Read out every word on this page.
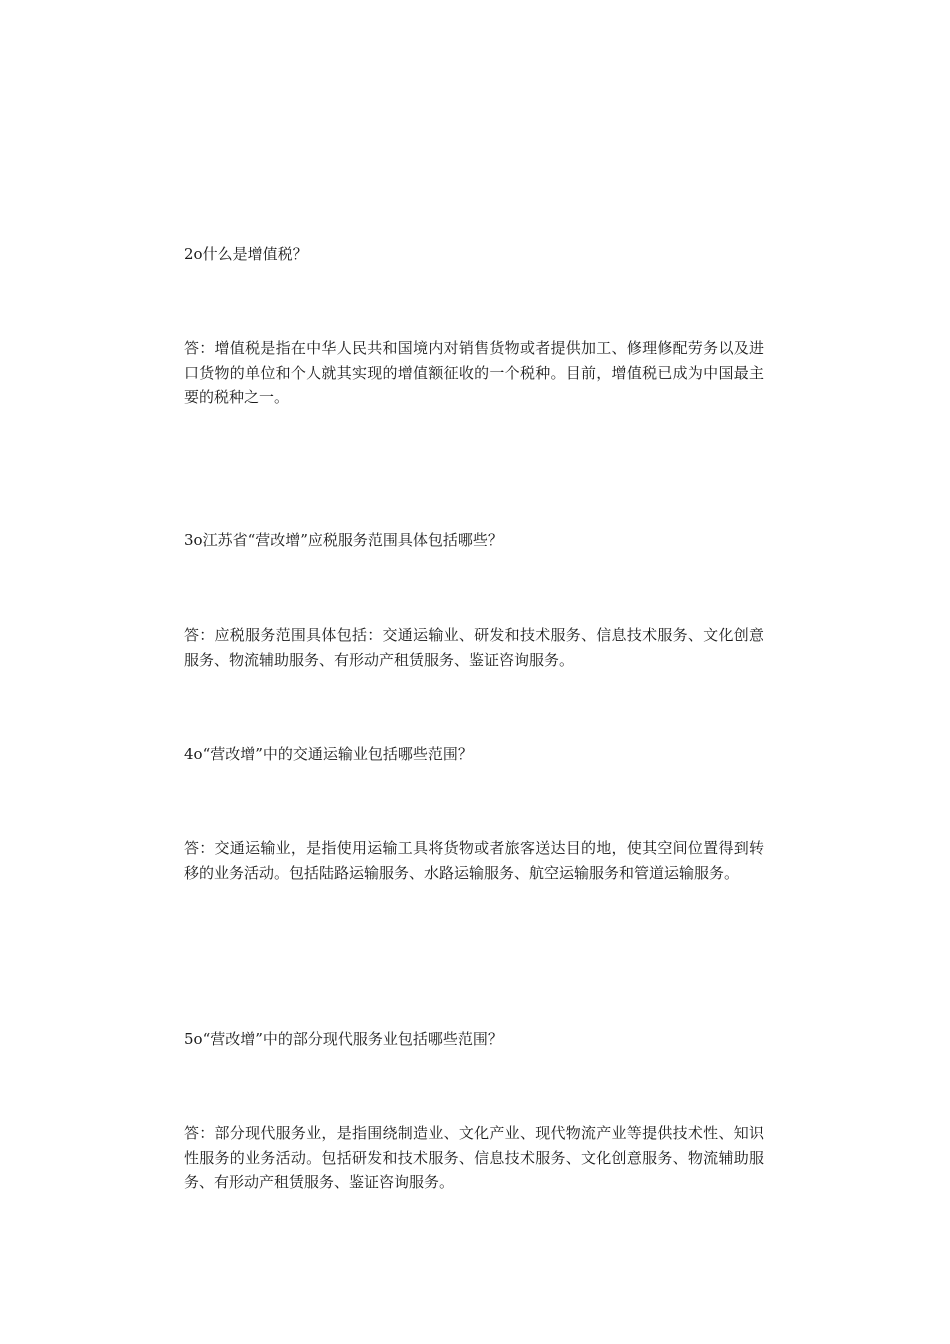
2o什么是增值税？
答：增值税是指在中华人民共和国境内对销售货物或者提供加工、修理修配劳务以及进口货物的单位和个人就其实现的增值额征收的一个税种。目前，增值税已成为中国最主要的税种之一。
3o江苏省“营改增”应税服务范围具体包括哪些？
答：应税服务范围具体包括：交通运输业、研发和技术服务、信息技术服务、文化创意服务、物流辅助服务、有形动产租赁服务、鉴证咨询服务。
4o“营改增”中的交通运输业包括哪些范围？
答：交通运输业，是指使用运输工具将货物或者旅客送达目的地，使其空间位置得到转移的业务活动。包括陆路运输服务、水路运输服务、航空运输服务和管道运输服务。
5o“营改增”中的部分现代服务业包括哪些范围？
答：部分现代服务业，是指围绕制造业、文化产业、现代物流产业等提供技术性、知识性服务的业务活动。包括研发和技术服务、信息技术服务、文化创意服务、物流辅助服务、有形动产租赁服务、鉴证咨询服务。
